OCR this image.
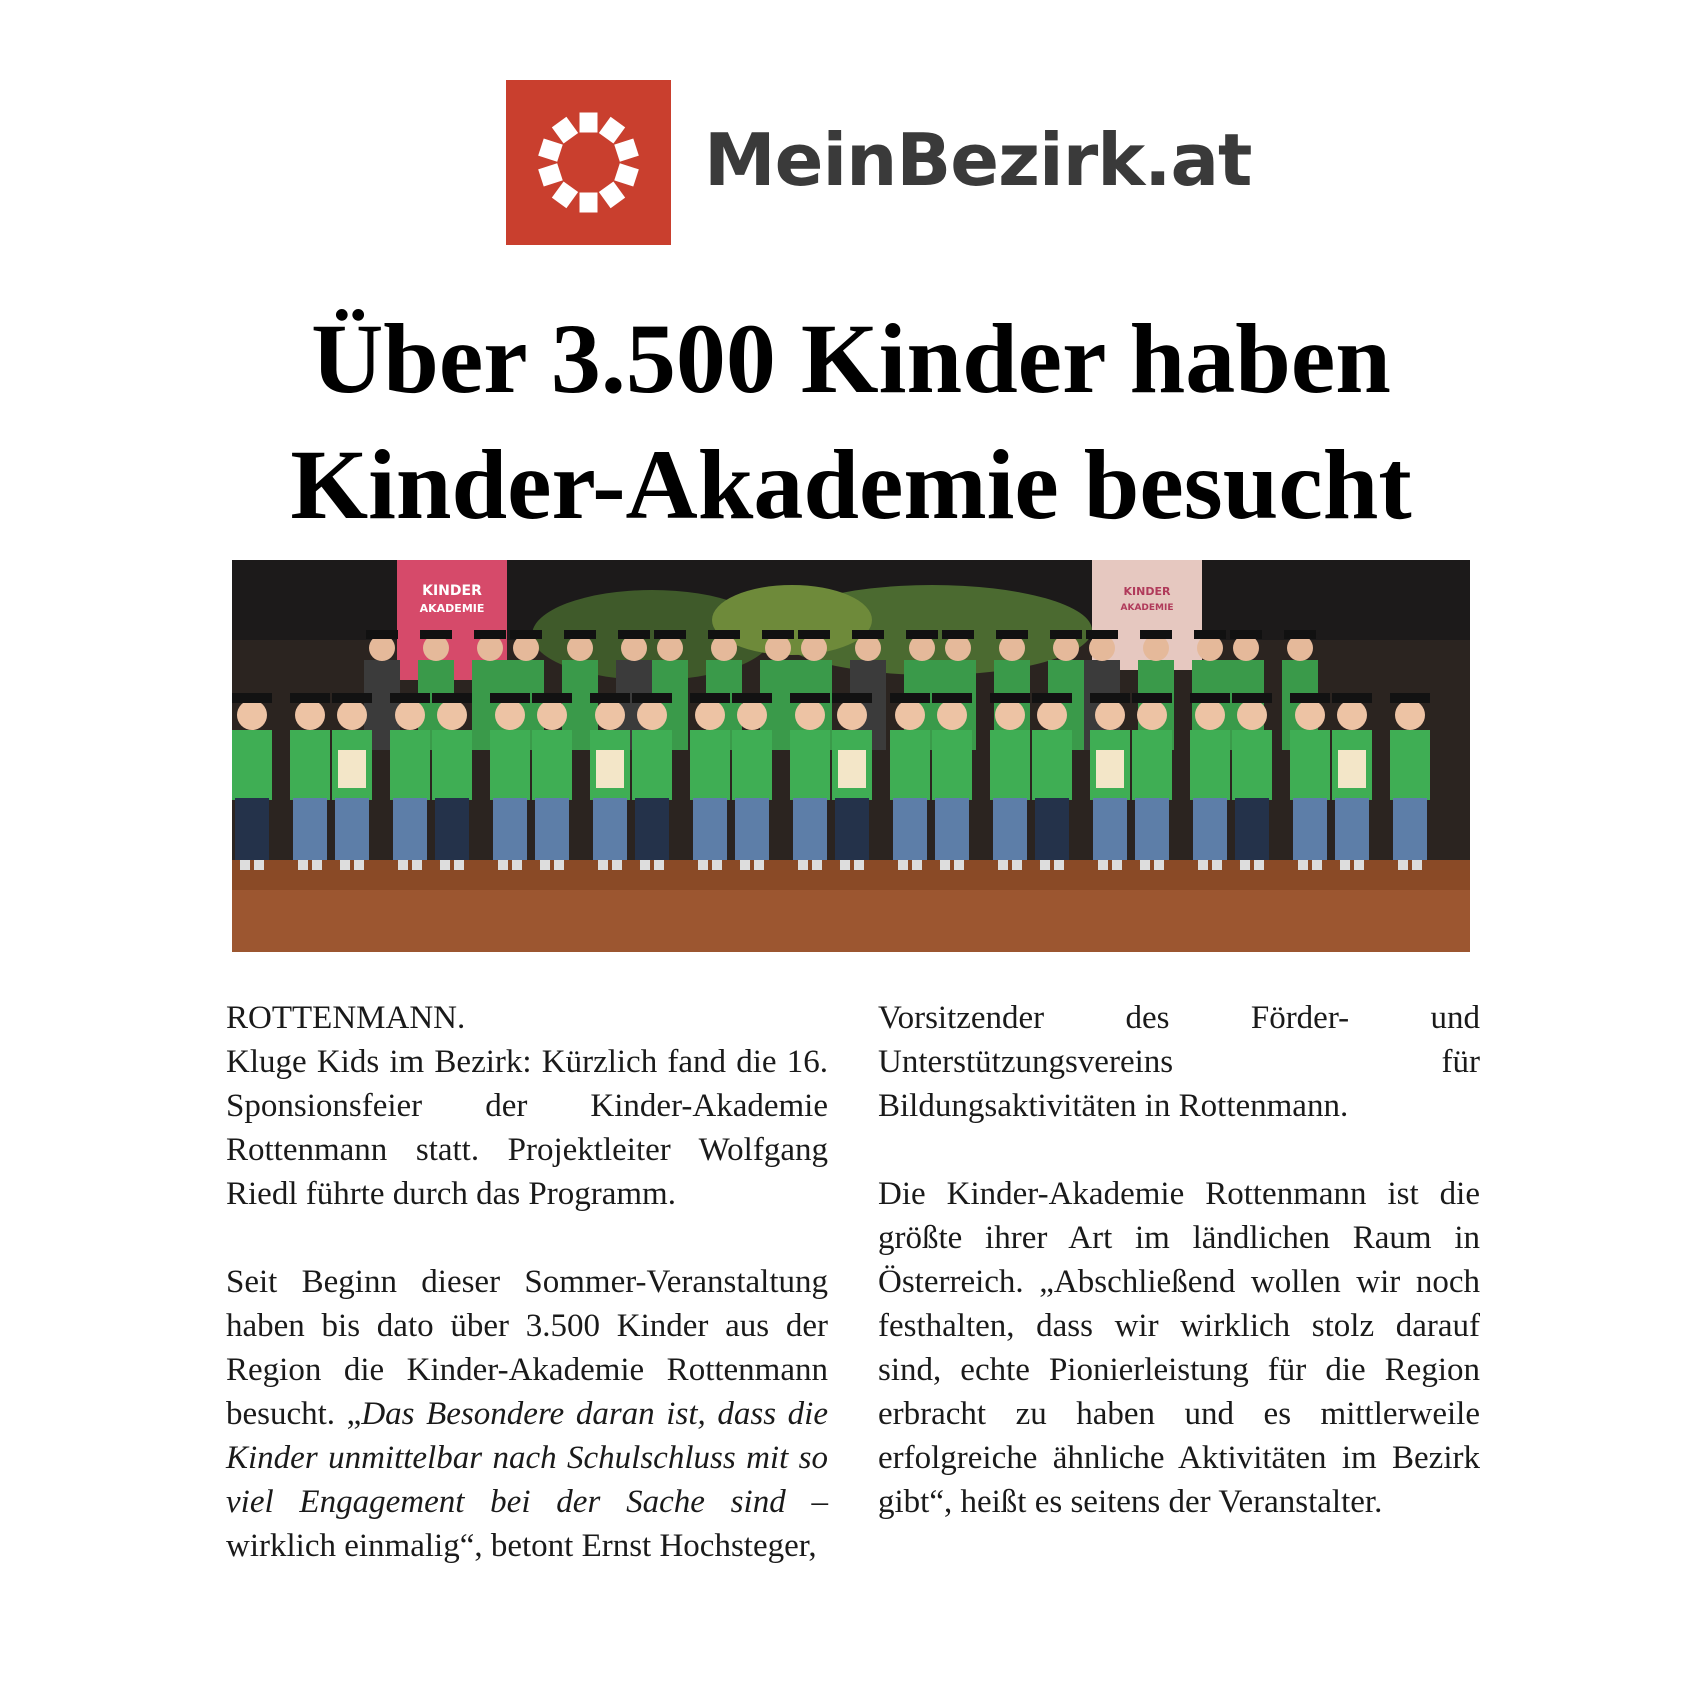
MeinBezirk.at
Über 3.500 Kinder haben
Kinder-Akademie besucht
KINDER
AKADEMIE
KINDER
AKADEMIE

ROTTENMANN.
Kluge Kids im Bezirk: Kürzlich fand die 16. Sponsionsfeier der Kinder-Akademie Rottenmann statt. Projektleiter Wolfgang Riedl führte durch das Programm.

Seit Beginn dieser Sommer-Veranstaltung haben bis dato über 3.500 Kinder aus der Region die Kinder-Akademie Rottenmann besucht. „Das Besondere daran ist, dass die Kinder unmittelbar nach Schulschluss mit so viel Engagement bei der Sache sind – wirklich einmalig“, betont Ernst Hochsteger,

Vorsitzender des Förder- und Unterstützungsvereins für Bildungsaktivitäten in Rottenmann.

Die Kinder-Akademie Rottenmann ist die größte ihrer Art im ländlichen Raum in Österreich. „Abschließend wollen wir noch festhalten, dass wir wirklich stolz darauf sind, echte Pionierleistung für die Region erbracht zu haben und es mittlerweile erfolgreiche ähnliche Aktivitäten im Bezirk gibt“, heißt es seitens der Veranstalter.
